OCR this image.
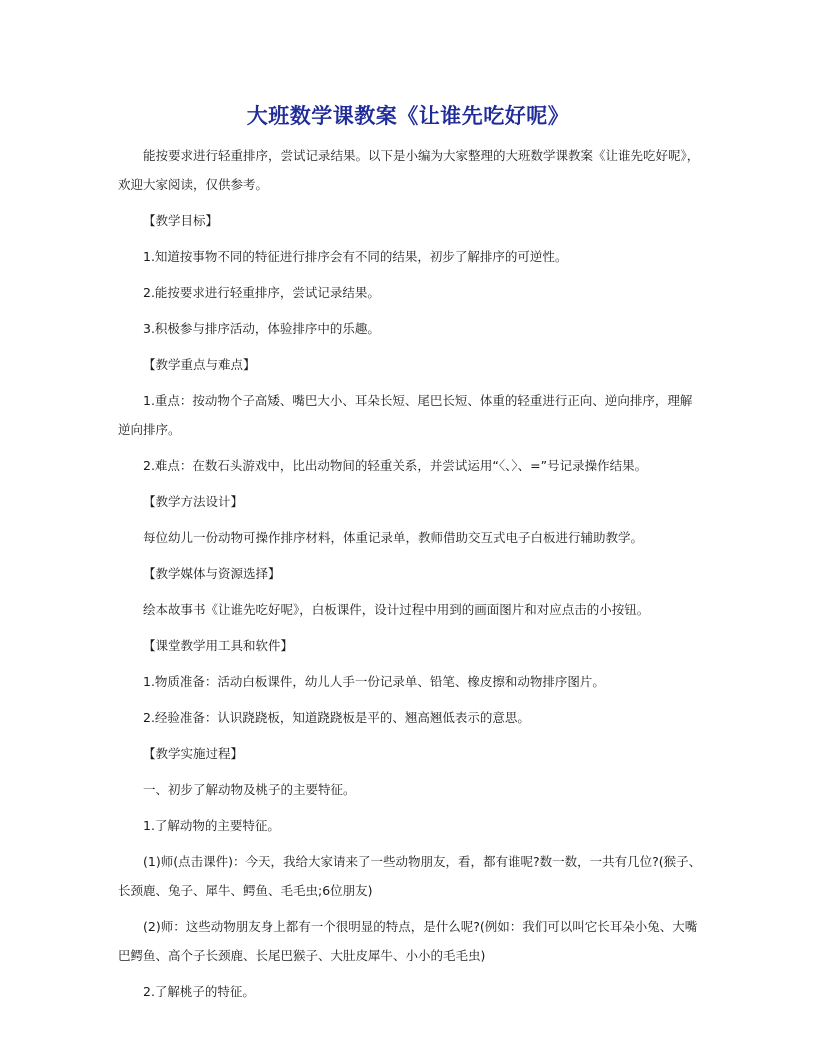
大班数学课教案《让谁先吃好呢》

能按要求进行轻重排序，尝试记录结果。以下是小编为大家整理的大班数学课教案《让谁先吃好呢》，欢迎大家阅读，仅供参考。

【教学目标】

1.知道按事物不同的特征进行排序会有不同的结果，初步了解排序的可逆性。

2.能按要求进行轻重排序，尝试记录结果。

3.积极参与排序活动，体验排序中的乐趣。

【教学重点与难点】

1.重点：按动物个子高矮、嘴巴大小、耳朵长短、尾巴长短、体重的轻重进行正向、逆向排序，理解逆向排序。

2.难点：在数石头游戏中，比出动物间的轻重关系，并尝试运用“〈、〉、=”号记录操作结果。

【教学方法设计】

每位幼儿一份动物可操作排序材料，体重记录单，教师借助交互式电子白板进行辅助教学。

【教学媒体与资源选择】

绘本故事书《让谁先吃好呢》，白板课件，设计过程中用到的画面图片和对应点击的小按钮。

【课堂教学用工具和软件】

1.物质准备：活动白板课件，幼儿人手一份记录单、铅笔、橡皮擦和动物排序图片。

2.经验准备：认识跷跷板，知道跷跷板是平的、翘高翘低表示的意思。

【教学实施过程】

一、初步了解动物及桃子的主要特征。

1.了解动物的主要特征。

(1)师(点击课件)：今天，我给大家请来了一些动物朋友，看，都有谁呢?数一数，一共有几位?(猴子、长颈鹿、兔子、犀牛、鳄鱼、毛毛虫;6位朋友)

(2)师：这些动物朋友身上都有一个很明显的特点，是什么呢?(例如：我们可以叫它长耳朵小兔、大嘴巴鳄鱼、高个子长颈鹿、长尾巴猴子、大肚皮犀牛、小小的毛毛虫)

2.了解桃子的特征。
